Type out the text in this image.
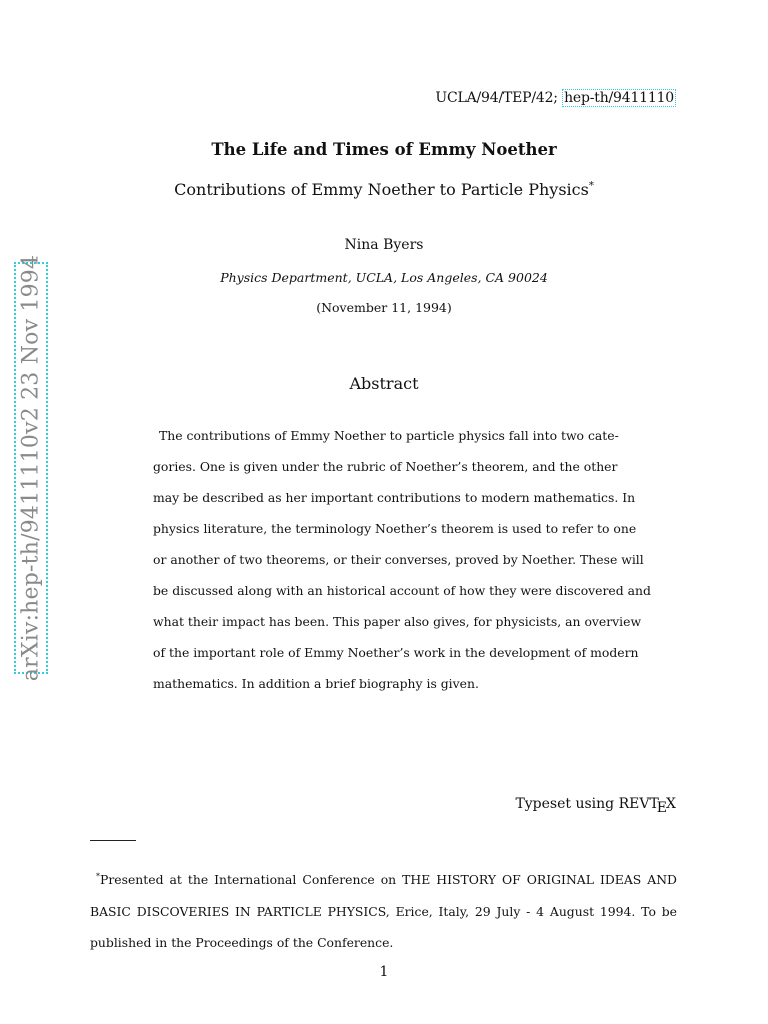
UCLA/94/TEP/42; hep-th/9411110
arXiv:hep-th/9411110v2 23 Nov 1994
The Life and Times of Emmy Noether
Contributions of Emmy Noether to Particle Physics*
Nina Byers
Physics Department, UCLA, Los Angeles, CA 90024
(November 11, 1994)
Abstract
The contributions of Emmy Noether to particle physics fall into two cate-
gories. One is given under the rubric of Noether’s theorem, and the other
may be described as her important contributions to modern mathematics. In
physics literature, the terminology Noether’s theorem is used to refer to one
or another of two theorems, or their converses, proved by Noether. These will
be discussed along with an historical account of how they were discovered and
what their impact has been. This paper also gives, for physicists, an overview
of the important role of Emmy Noether’s work in the development of modern
mathematics. In addition a brief biography is given.
Typeset using REVTEX
*Presented at the International Conference on THE HISTORY OF ORIGINAL IDEAS AND
BASIC DISCOVERIES IN PARTICLE PHYSICS, Erice, Italy, 29 July - 4 August 1994. To be
published in the Proceedings of the Conference.
1
